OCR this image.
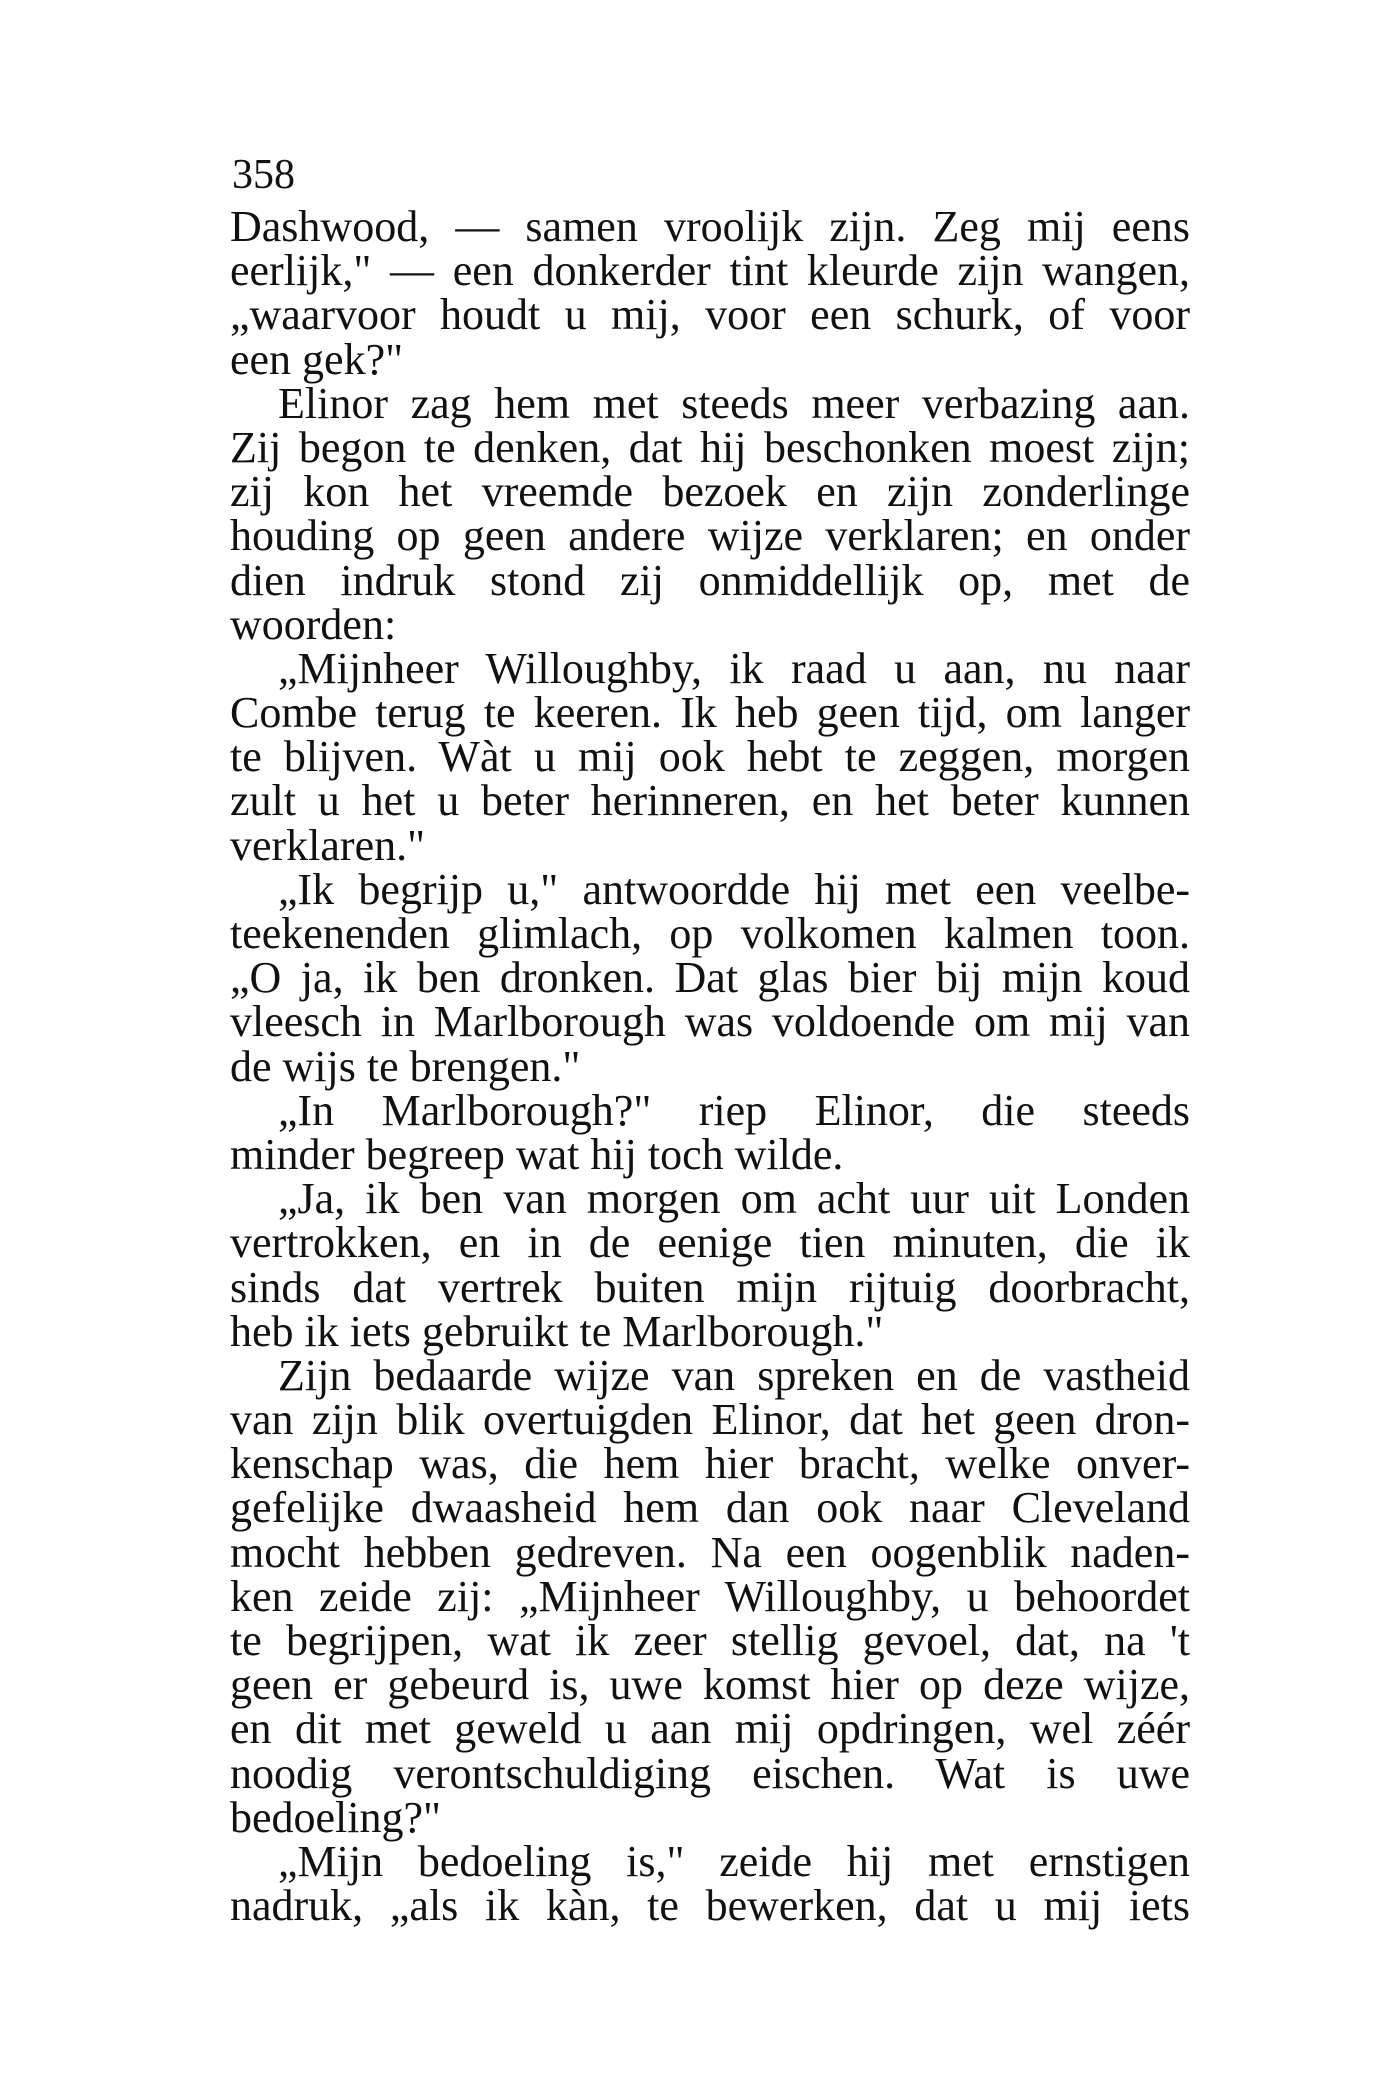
358
Dashwood, — samen vroolijk zijn. Zeg mij eens
eerlijk," — een donkerder tint kleurde zijn wangen,
„waarvoor houdt u mij, voor een schurk, of voor
een gek?"
Elinor zag hem met steeds meer verbazing aan.
Zij begon te denken, dat hij beschonken moest zijn;
zij kon het vreemde bezoek en zijn zonderlinge
houding op geen andere wijze verklaren; en onder
dien indruk stond zij onmiddellijk op, met de
woorden:
„Mijnheer Willoughby, ik raad u aan, nu naar
Combe terug te keeren. Ik heb geen tijd, om langer
te blijven. Wàt u mij ook hebt te zeggen, morgen
zult u het u beter herinneren, en het beter kunnen
verklaren."
„Ik begrijp u," antwoordde hij met een veelbe-
teekenenden glimlach, op volkomen kalmen toon.
„O ja, ik ben dronken. Dat glas bier bij mijn koud
vleesch in Marlborough was voldoende om mij van
de wijs te brengen."
„In Marlborough?" riep Elinor, die steeds
minder begreep wat hij toch wilde.
„Ja, ik ben van morgen om acht uur uit Londen
vertrokken, en in de eenige tien minuten, die ik
sinds dat vertrek buiten mijn rijtuig doorbracht,
heb ik iets gebruikt te Marlborough."
Zijn bedaarde wijze van spreken en de vastheid
van zijn blik overtuigden Elinor, dat het geen dron-
kenschap was, die hem hier bracht, welke onver-
gefelijke dwaasheid hem dan ook naar Cleveland
mocht hebben gedreven. Na een oogenblik naden-
ken zeide zij: „Mijnheer Willoughby, u behoordet
te begrijpen, wat ik zeer stellig gevoel, dat, na 't
geen er gebeurd is, uwe komst hier op deze wijze,
en dit met geweld u aan mij opdringen, wel zéér
noodig verontschuldiging eischen. Wat is uwe
bedoeling?"
„Mijn bedoeling is," zeide hij met ernstigen
nadruk, „als ik kàn, te bewerken, dat u mij iets
